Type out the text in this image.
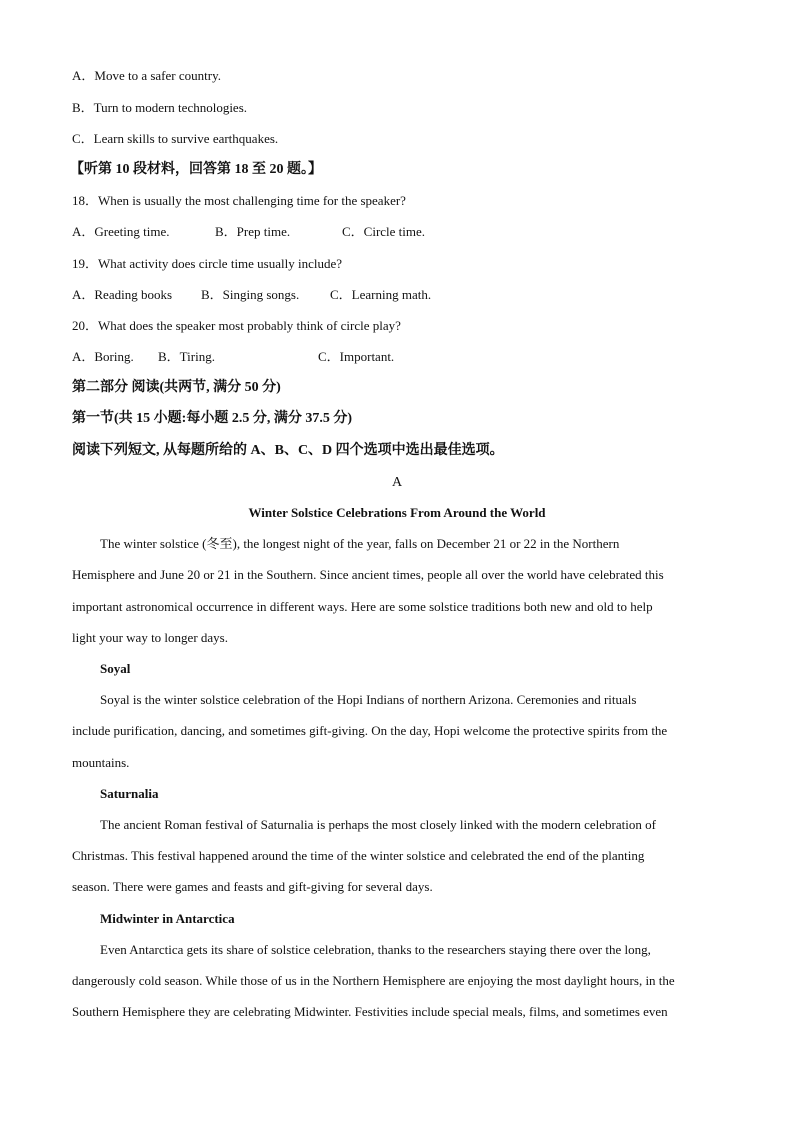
A．Move to a safer country.
B．Turn to modern technologies.
C．Learn skills to survive earthquakes.
【听第 10 段材料，回答第 18 至 20 题。】
18．When is usually the most challenging time for the speaker?
A．Greeting time.	B．Prep time.	C．Circle time.
19．What activity does circle time usually include?
A．Reading books B．Singing songs. C．Learning math.
20．What does the speaker most probably think of circle play?
A．Boring. B．Tiring.	C．Important.
第二部分 阅读(共两节, 满分 50 分)
第一节(共 15 小题:每小题 2.5 分, 满分 37.5 分)
阅读下列短文, 从每题所给的 A、B、C、D 四个选项中选出最佳选项。
A
Winter Solstice Celebrations From Around the World
The winter solstice (冬至), the longest night of the year, falls on December 21 or 22 in the Northern
Hemisphere and June 20 or 21 in the Southern. Since ancient times, people all over the world have celebrated this
important astronomical occurrence in different ways. Here are some solstice traditions both new and old to help
light your way to longer days.
Soyal
Soyal is the winter solstice celebration of the Hopi Indians of northern Arizona. Ceremonies and rituals
include purification, dancing, and sometimes gift-giving. On the day, Hopi welcome the protective spirits from the
mountains.
Saturnalia
The ancient Roman festival of Saturnalia is perhaps the most closely linked with the modern celebration of
Christmas. This festival happened around the time of the winter solstice and celebrated the end of the planting
season. There were games and feasts and gift-giving for several days.
Midwinter in Antarctica
Even Antarctica gets its share of solstice celebration, thanks to the researchers staying there over the long,
dangerously cold season. While those of us in the Northern Hemisphere are enjoying the most daylight hours, in the
Southern Hemisphere they are celebrating Midwinter. Festivities include special meals, films, and sometimes even
